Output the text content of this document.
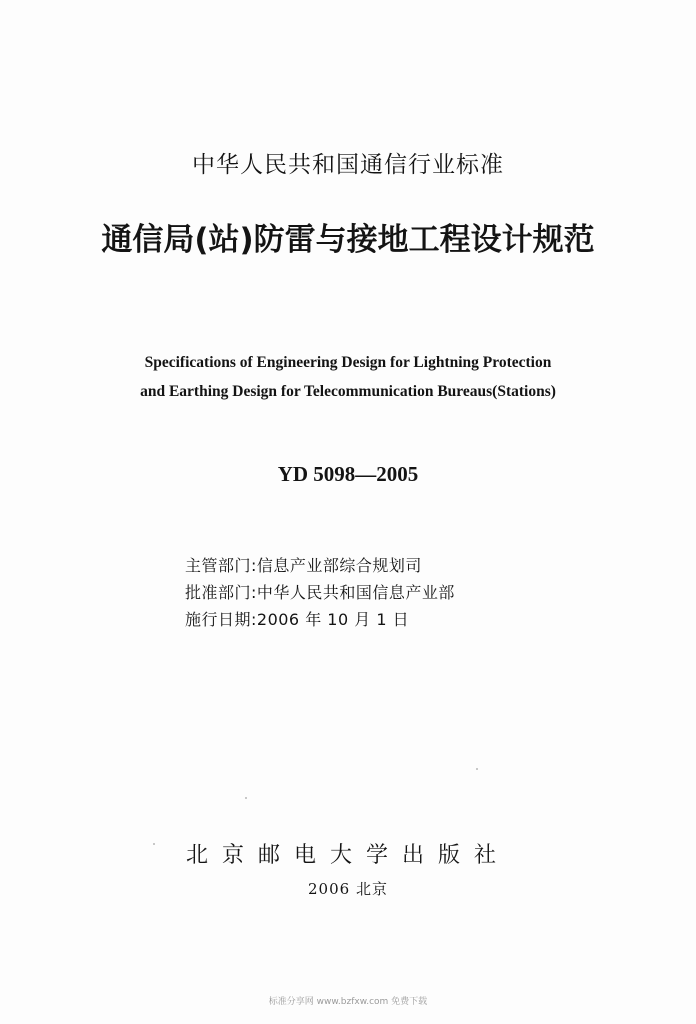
中华人民共和国通信行业标准
通信局(站)防雷与接地工程设计规范
Specifications of Engineering Design for Lightning Protection
and Earthing Design for Telecommunication Bureaus(Stations)
YD 5098—2005
主管部门:信息产业部综合规划司
批准部门:中华人民共和国信息产业部
施行日期:2006 年 10 月 1 日
北京邮电大学出版社
2006 北京
标准分享网 www.bzfxw.com 免费下载
